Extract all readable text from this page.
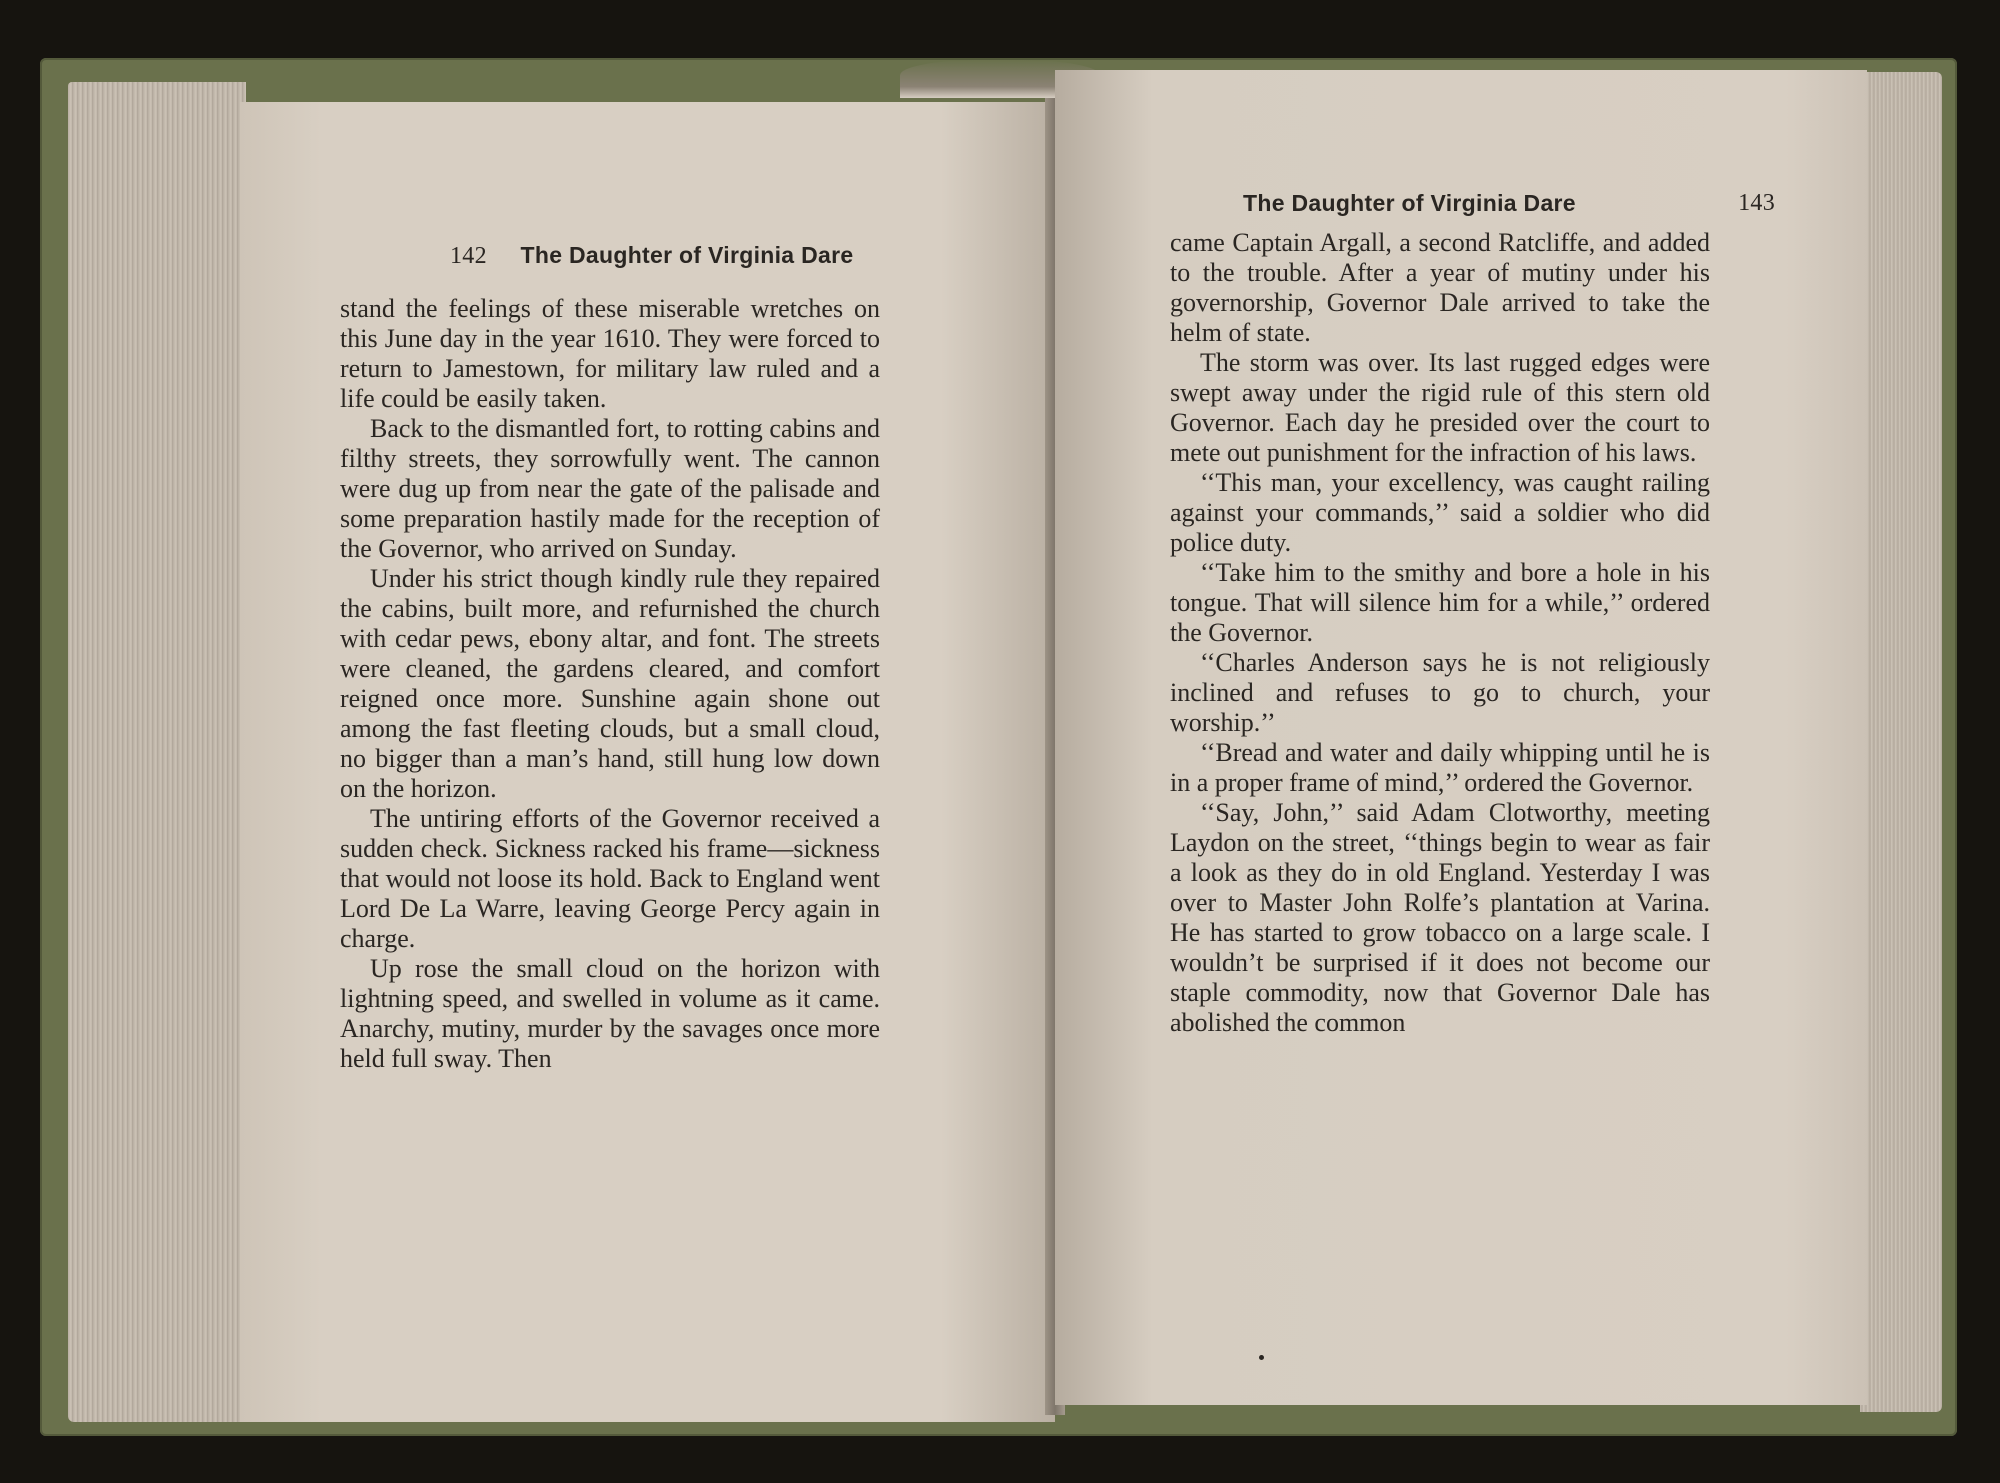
142 The Daughter of Virginia Dare

stand the feelings of these miserable wretches on this June day in the year 1610. They were forced to return to Jamestown, for military law ruled and a life could be easily taken.

Back to the dismantled fort, to rotting cabins and filthy streets, they sorrowfully went. The cannon were dug up from near the gate of the palisade and some preparation hastily made for the reception of the Governor, who arrived on Sunday.

Under his strict though kindly rule they repaired the cabins, built more, and refurnished the church with cedar pews, ebony altar, and font. The streets were cleaned, the gardens cleared, and comfort reigned once more. Sunshine again shone out among the fast fleeting clouds, but a small cloud, no bigger than a man’s hand, still hung low down on the horizon.

The untiring efforts of the Governor received a sudden check. Sickness racked his frame—sickness that would not loose its hold. Back to England went Lord De La Warre, leaving George Percy again in charge.

Up rose the small cloud on the horizon with lightning speed, and swelled in volume as it came. Anarchy, mutiny, murder by the savages once more held full sway. Then

The Daughter of Virginia Dare	143

came Captain Argall, a second Ratcliffe, and added to the trouble. After a year of mutiny under his governorship, Governor Dale arrived to take the helm of state.

The storm was over. Its last rugged edges were swept away under the rigid rule of this stern old Governor. Each day he presided over the court to mete out punishment for the infraction of his laws.

‘‘This man, your excellency, was caught railing against your commands,’’ said a soldier who did police duty.

‘‘Take him to the smithy and bore a hole in his tongue. That will silence him for a while,’’ ordered the Governor.

‘‘Charles Anderson says he is not religiously inclined and refuses to go to church, your worship.’’

‘‘Bread and water and daily whipping until he is in a proper frame of mind,’’ ordered the Governor.

‘‘Say, John,’’ said Adam Clotworthy, meeting Laydon on the street, ‘‘things begin to wear as fair a look as they do in old England. Yesterday I was over to Master John Rolfe’s plantation at Varina. He has started to grow tobacco on a large scale. I wouldn’t be surprised if it does not become our staple commodity, now that Governor Dale has abolished the common
